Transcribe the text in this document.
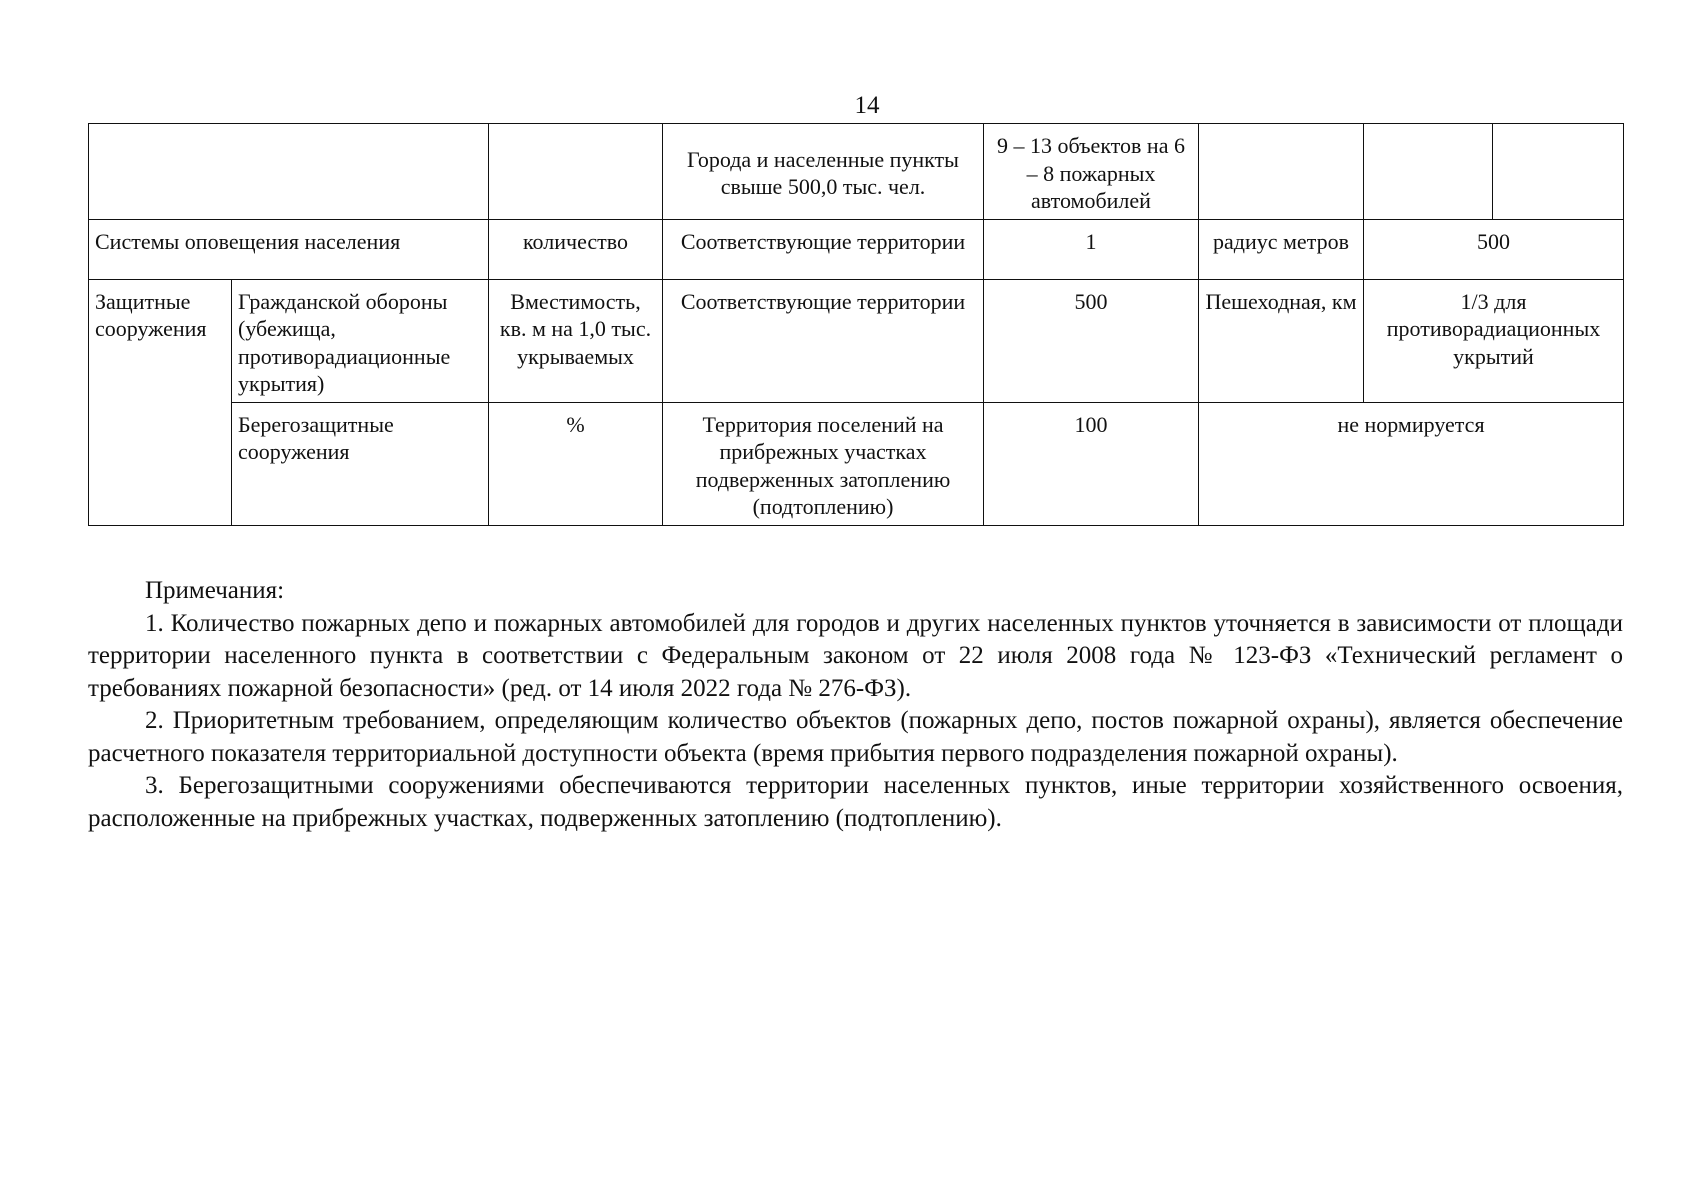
14
			Города и населенные пункты свыше 500,0 тыс. чел.	9 – 13 объектов на 6 – 8 пожарных автомобилей			
Системы оповещения населения		количество	Соответствующие территории	1	радиус метров	500	
Защитные сооружения	Гражданской обороны (убежища, противорадиационные укрытия)	Вместимость, кв. м на 1,0 тыс. укрываемых	Соответствующие территории	500	Пешеходная, км	1/3 для противорадиационных укрытий	
	Берегозащитные сооружения	%	Территория поселений на прибрежных участках подверженных затоплению (подтоплению)	100	не нормируется		

Примечания:

1. Количество пожарных депо и пожарных автомобилей для городов и других населенных пунктов уточняется в зависимости от площади территории населенного пункта в соответствии с Федеральным законом от 22 июля 2008 года № 123-ФЗ «Технический регламент о требованиях пожарной безопасности» (ред. от 14 июля 2022 года № 276-ФЗ).

2. Приоритетным требованием, определяющим количество объектов (пожарных депо, постов пожарной охраны), является обеспечение расчетного показателя территориальной доступности объекта (время прибытия первого подразделения пожарной охраны).

3. Берегозащитными сооружениями обеспечиваются территории населенных пунктов, иные территории хозяйственного освоения, расположенные на прибрежных участках, подверженных затоплению (подтоплению).
